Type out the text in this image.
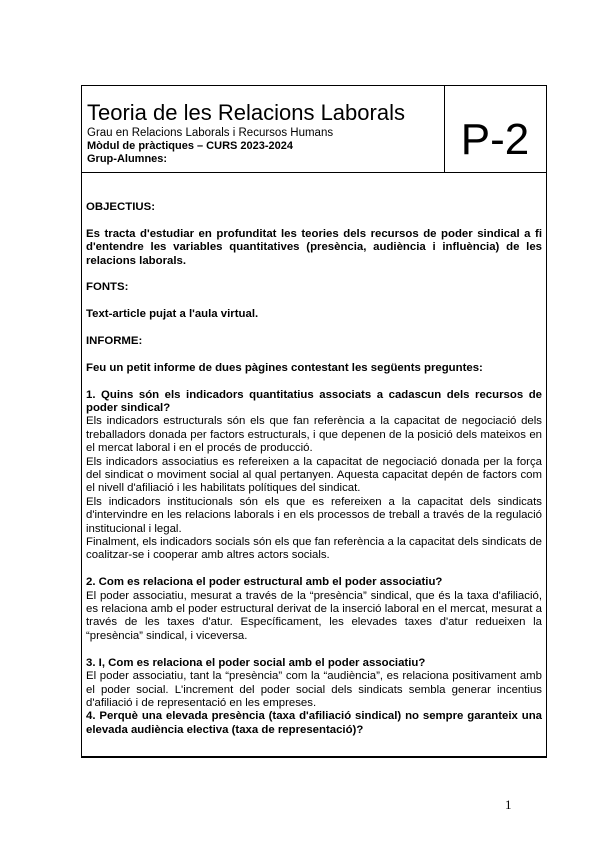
Teoria de les Relacions Laborals
Grau en Relacions Laborals i Recursos Humans
Mòdul de pràctiques – CURS 2023-2024
Grup-Alumnes:	P-2

OBJECTIUS:

Es tracta d'estudiar en profunditat les teories dels recursos de poder sindical a fi d'entendre les variables quantitatives (presència, audiència i influència) de les relacions laborals.

FONTS:

Text-article pujat a l'aula virtual.

INFORME:

Feu un petit informe de dues pàgines contestant les següents preguntes:

1. Quins són els indicadors quantitatius associats a cadascun dels recursos de poder sindical?

Els indicadors estructurals són els que fan referència a la capacitat de negociació dels treballadors donada per factors estructurals, i que depenen de la posició dels mateixos en el mercat laboral i en el procés de producció.

Els indicadors associatius es refereixen a la capacitat de negociació donada per la força del sindicat o moviment social al qual pertanyen. Aquesta capacitat depén de factors com el nivell d'afiliació i les habilitats polítiques del sindicat.

Els indicadors institucionals són els que es refereixen a la capacitat dels sindicats d'intervindre en les relacions laborals i en els processos de treball a través de la regulació institucional i legal.

Finalment, els indicadors socials són els que fan referència a la capacitat dels sindicats de coalitzar-se i cooperar amb altres actors socials.

2. Com es relaciona el poder estructural amb el poder associatiu?

El poder associatiu, mesurat a través de la “presència” sindical, que és la taxa d'afiliació, es relaciona amb el poder estructural derivat de la inserció laboral en el mercat, mesurat a través de les taxes d'atur. Específicament, les elevades taxes d'atur redueixen la “presència” sindical, i viceversa.

3. I, Com es relaciona el poder social amb el poder associatiu?

El poder associatiu, tant la “presència” com la “audiència”, es relaciona positivament amb el poder social. L'increment del poder social dels sindicats sembla generar incentius d'afiliació i de representació en les empreses.

4. Perquè una elevada presència (taxa d'afiliació sindical) no sempre garanteix una elevada audiència electiva (taxa de representació)?

1
